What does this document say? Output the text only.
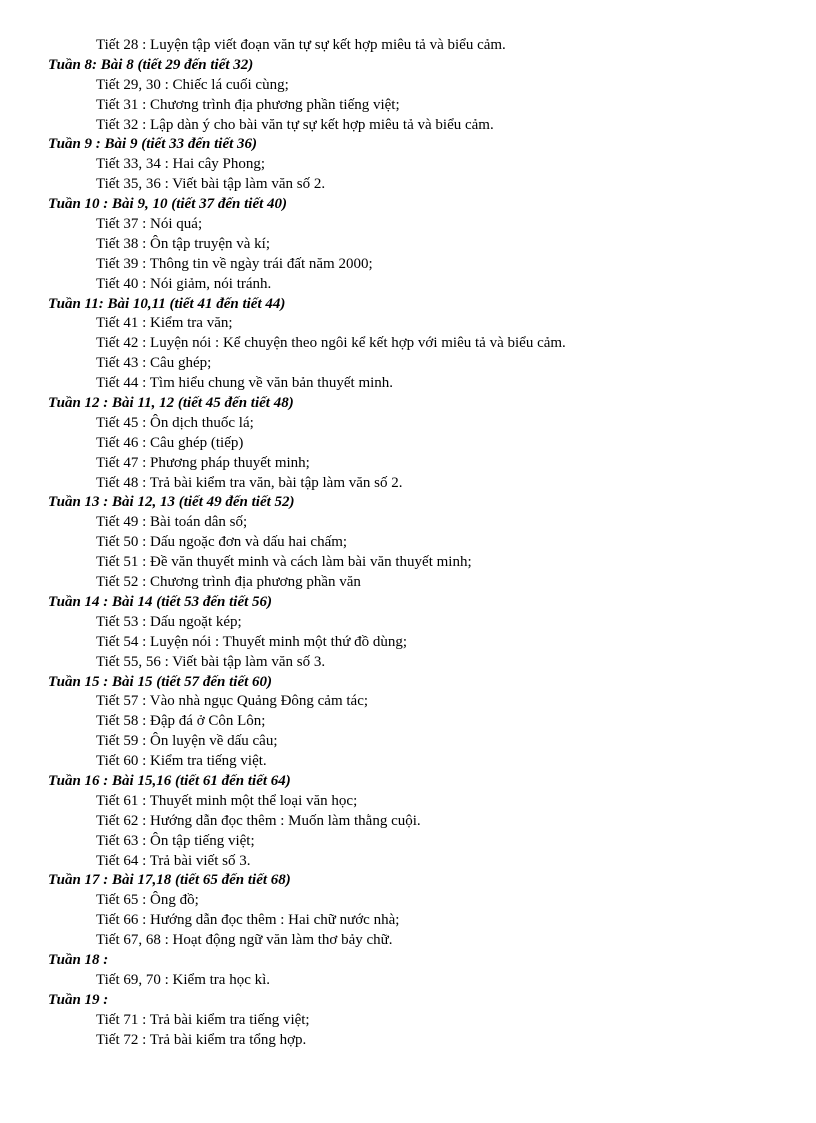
Tiết 28 : Luyện tập viết đoạn văn tự sự kết hợp miêu tả và biểu cảm.
Tuần 8: Bài 8 (tiết 29 đến tiết 32)
Tiết 29, 30 : Chiếc lá cuối cùng;
Tiết 31 : Chương trình địa phương phần tiếng việt;
Tiết 32 : Lập dàn ý cho bài văn tự sự kết hợp miêu tả và biểu cảm.
Tuần 9 : Bài 9 (tiết 33 đến tiết 36)
Tiết 33, 34 : Hai cây Phong;
Tiết 35, 36 : Viết bài tập làm văn số 2.
Tuần 10 : Bài 9, 10 (tiết 37 đến tiết 40)
Tiết 37 : Nói quá;
Tiết 38 : Ôn tập truyện và kí;
Tiết 39 : Thông tin về ngày trái đất năm 2000;
Tiết 40 : Nói giảm, nói tránh.
Tuần 11: Bài 10,11 (tiết 41 đến tiết 44)
Tiết 41 : Kiểm tra văn;
Tiết 42 : Luyện nói : Kể chuyện theo ngôi kể kết hợp với miêu tả và biểu cảm.
Tiết 43 : Câu ghép;
Tiết 44 : Tìm hiểu chung về văn bản thuyết minh.
Tuần 12 : Bài 11, 12 (tiết 45 đến tiết 48)
Tiết 45 : Ôn dịch thuốc lá;
Tiết 46 : Câu ghép (tiếp)
Tiết 47 : Phương pháp thuyết minh;
Tiết 48 : Trả bài kiểm tra văn, bài tập làm văn số 2.
Tuần 13 : Bài 12, 13 (tiết 49 đến tiết 52)
Tiết 49 : Bài toán dân số;
Tiết 50 : Dấu ngoặc đơn và dấu hai chấm;
Tiết 51 : Đề văn thuyết minh và cách làm bài văn thuyết minh;
Tiết 52 : Chương trình địa phương phần văn
Tuần 14 : Bài 14 (tiết 53 đến tiết 56)
Tiết 53 : Dấu ngoặt kép;
Tiết 54 : Luyện nói : Thuyết minh một thứ đồ dùng;
Tiết 55, 56 : Viết bài tập làm văn số 3.
Tuần 15 : Bài 15 (tiết 57 đến tiết 60)
Tiết 57 : Vào nhà ngục Quảng Đông cảm tác;
Tiết 58 : Đập đá ở Côn Lôn;
Tiết 59 : Ôn luyện về dấu câu;
Tiết 60 : Kiểm tra tiếng việt.
Tuần 16 : Bài 15,16 (tiết 61 đến tiết 64)
Tiết 61 : Thuyết minh một thể loại văn học;
Tiết 62 : Hướng dẫn đọc thêm : Muốn làm thằng cuội.
Tiết 63 : Ôn tập tiếng việt;
Tiết 64 : Trả bài viết số 3.
Tuần 17 : Bài 17,18 (tiết 65 đến tiết 68)
Tiết 65 : Ông đồ;
Tiết 66 : Hướng dẫn đọc thêm : Hai chữ nước nhà;
Tiết 67, 68 : Hoạt động ngữ văn làm thơ bảy chữ.
Tuần 18 :
Tiết 69, 70 : Kiểm tra học kì.
Tuần 19 :
Tiết 71 : Trả bài kiểm tra tiếng việt;
Tiết 72 : Trả bài kiểm tra tổng hợp.
